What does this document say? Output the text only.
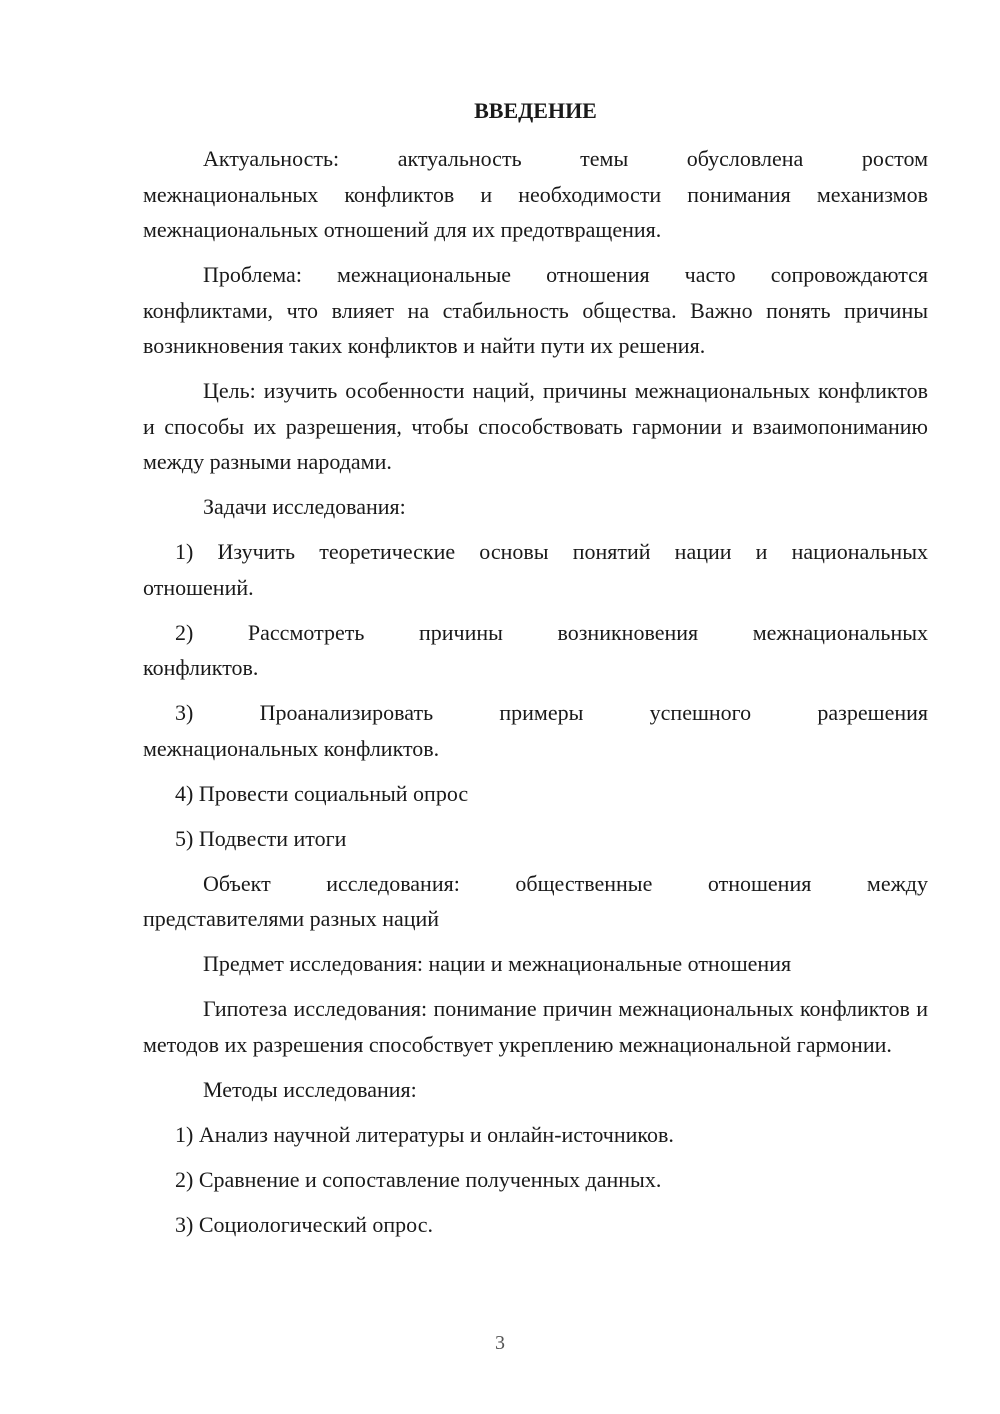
ВВЕДЕНИЕ

Актуальность: актуальность темы обусловлена ростом
межнациональных конфликтов и необходимости понимания механизмов межнациональных отношений для их предотвращения.

Проблема: межнациональные отношения часто сопровождаются конфликтами, что влияет на стабильность общества. Важно понять причины возникновения таких конфликтов и найти пути их решения.

Цель: изучить особенности наций, причины межнациональных конфликтов и способы их разрешения, чтобы способствовать гармонии и взаимопониманию между разными народами.

Задачи исследования:

1) Изучить теоретические основы понятий нации и национальных
отношений.

2) Рассмотреть причины возникновения межнациональных
конфликтов.

3) Проанализировать примеры успешного разрешения
межнациональных конфликтов.

4) Провести социальный опрос

5) Подвести итоги

Объект исследования: общественные отношения между
представителями разных наций

Предмет исследования: нации и межнациональные отношения

Гипотеза исследования: понимание причин межнациональных конфликтов и методов их разрешения способствует укреплению межнациональной гармонии.

Методы исследования:

1) Анализ научной литературы и онлайн-источников.

2) Сравнение и сопоставление полученных данных.

3) Социологический опрос.

3
